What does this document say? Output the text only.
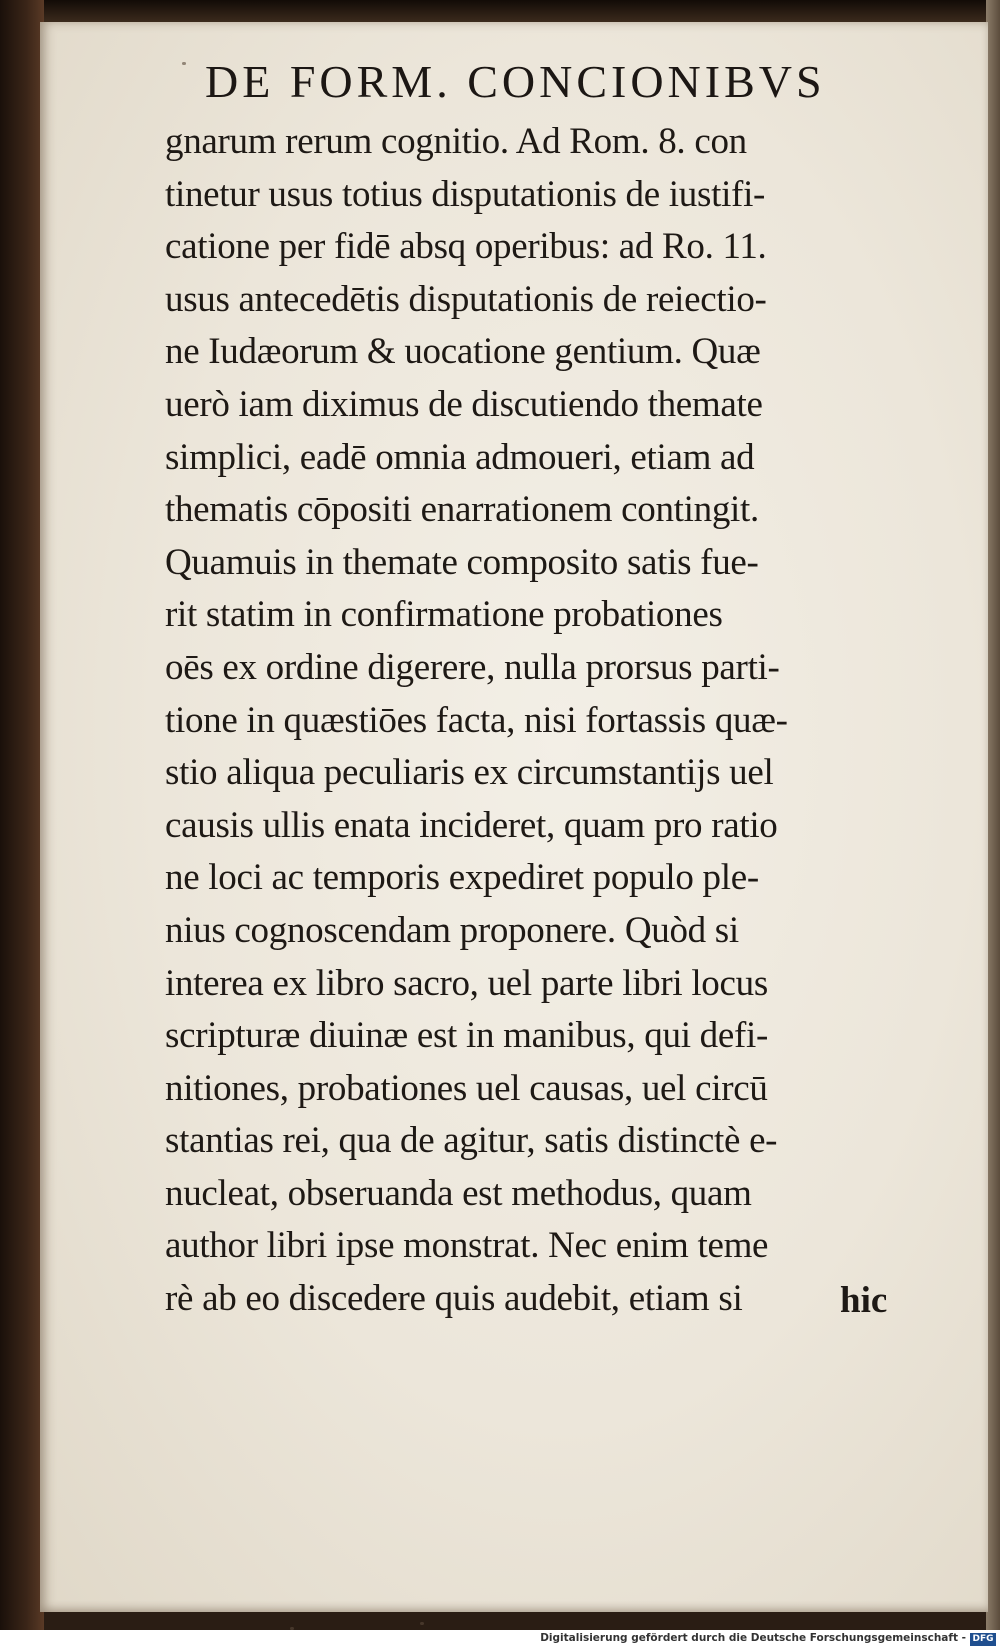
DE FORM. CONCIONIBVS
gnarum rerum cognitio. Ad Rom. 8. con
tinetur usus totius disputationis de iustifi-
catione per fidē absq operibus: ad Ro. 11.
usus antecedētis disputationis de reiectio-
ne Iudæorum & uocatione gentium. Quæ
uerò iam diximus de discutiendo themate
simplici, eadē omnia admoueri, etiam ad
thematis cōpositi enarrationem contingit.
Quamuis in themate composito satis fue-
rit statim in confirmatione probationes
oēs ex ordine digerere, nulla prorsus parti-
tione in quæstiōes facta, nisi fortassis quæ-
stio aliqua peculiaris ex circumstantijs uel
causis ullis enata incideret, quam pro ratio
ne loci ac temporis expediret populo ple-
nius cognoscendam proponere. Quòd si
interea ex libro sacro, uel parte libri locus
scripturæ diuinæ est in manibus, qui defi-
nitiones, probationes uel causas, uel circū
stantias rei, qua de agitur, satis distinctè e-
nucleat, obseruanda est methodus, quam
author libri ipse monstrat. Nec enim teme
rè ab eo discedere quis audebit, etiam si	hic
Digitalisierung gefördert durch die Deutsche Forschungsgemeinschaft - DFG
